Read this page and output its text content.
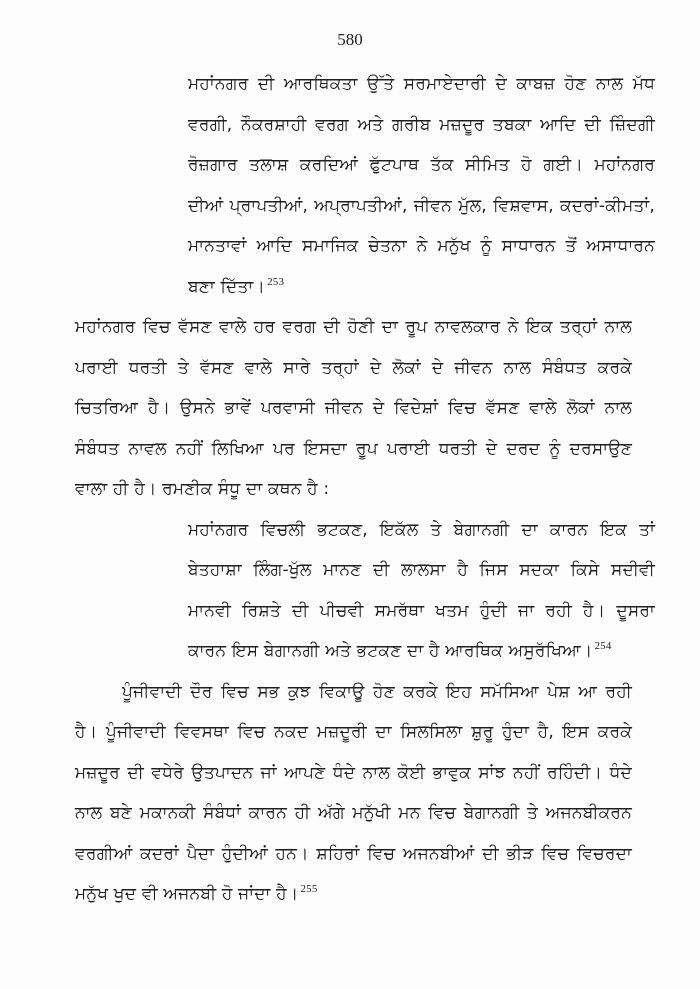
580
ਮਹਾਂਨਗਰ ਦੀ ਆਰਥਿਕਤਾ ਉੱਤੇ ਸਰਮਾਏਦਾਰੀ ਦੇ ਕਾਬਜ਼ ਹੋਣ ਨਾਲ ਮੱਧ
ਵਰਗੀ, ਨੌਕਰਸ਼ਾਹੀ ਵਰਗ ਅਤੇ ਗਰੀਬ ਮਜ਼ਦੂਰ ਤਬਕਾ ਆਦਿ ਦੀ ਜ਼ਿੰਦਗੀ
ਰੋਜ਼ਗਾਰ ਤਲਾਸ਼ ਕਰਦਿਆਂ ਫੁੱਟਪਾਥ ਤੱਕ ਸੀਮਿਤ ਹੋ ਗਈ। ਮਹਾਂਨਗਰ
ਦੀਆਂ ਪ੍ਰਾਪਤੀਆਂ, ਅਪ੍ਰਾਪਤੀਆਂ, ਜੀਵਨ ਮੁੱਲ, ਵਿਸ਼ਵਾਸ, ਕਦਰਾਂ-ਕੀਮਤਾਂ,
ਮਾਨਤਾਵਾਂ ਆਦਿ ਸਮਾਜਿਕ ਚੇਤਨਾ ਨੇ ਮਨੁੱਖ ਨੂੰ ਸਾਧਾਰਨ ਤੋਂ ਅਸਾਧਾਰਨ
ਬਣਾ ਦਿੱਤਾ। $^{253}$
ਮਹਾਂਨਗਰ ਵਿਚ ਵੱਸਣ ਵਾਲੇ ਹਰ ਵਰਗ ਦੀ ਹੋਣੀ ਦਾ ਰੂਪ ਨਾਵਲਕਾਰ ਨੇ ਇਕ ਤਰ੍ਹਾਂ ਨਾਲ
ਪਰਾਈ ਧਰਤੀ ਤੇ ਵੱਸਣ ਵਾਲੇ ਸਾਰੇ ਤਰ੍ਹਾਂ ਦੇ ਲੋਕਾਂ ਦੇ ਜੀਵਨ ਨਾਲ ਸੰਬੰਧਤ ਕਰਕੇ
ਚਿਤਰਿਆ ਹੈ। ਉਸਨੇ ਭਾਵੇਂ ਪਰਵਾਸੀ ਜੀਵਨ ਦੇ ਵਿਦੇਸ਼ਾਂ ਵਿਚ ਵੱਸਣ ਵਾਲੇ ਲੋਕਾਂ ਨਾਲ
ਸੰਬੰਧਤ ਨਾਵਲ ਨਹੀਂ ਲਿਖਿਆ ਪਰ ਇਸਦਾ ਰੂਪ ਪਰਾਈ ਧਰਤੀ ਦੇ ਦਰਦ ਨੂੰ ਦਰਸਾਉਣ
ਵਾਲਾ ਹੀ ਹੈ। ਰਮਣੀਕ ਸੰਧੂ ਦਾ ਕਥਨ ਹੈ :
ਮਹਾਂਨਗਰ ਵਿਚਲੀ ਭਟਕਣ, ਇਕੱਲ ਤੇ ਬੇਗਾਨਗੀ ਦਾ ਕਾਰਨ ਇਕ ਤਾਂ
ਬੇਤਹਾਸ਼ਾ ਲਿੰਗ-ਖੁੱਲ ਮਾਨਣ ਦੀ ਲਾਲਸਾ ਹੈ ਜਿਸ ਸਦਕਾ ਕਿਸੇ ਸਦੀਵੀ
ਮਾਨਵੀ ਰਿਸ਼ਤੇ ਦੀ ਪੀਚਵੀ ਸਮਰੱਥਾ ਖਤਮ ਹੁੰਦੀ ਜਾ ਰਹੀ ਹੈ। ਦੂਸਰਾ
ਕਾਰਨ ਇਸ ਬੇਗਾਨਗੀ ਅਤੇ ਭਟਕਣ ਦਾ ਹੈ ਆਰਥਿਕ ਅਸੁਰੱਖਿਆ। $^{254}$
ਪੂੰਜੀਵਾਦੀ ਦੌਰ ਵਿਚ ਸਭ ਕੁਝ ਵਿਕਾਊ ਹੋਣ ਕਰਕੇ ਇਹ ਸਮੱਸਿਆ ਪੇਸ਼ ਆ ਰਹੀ
ਹੈ। ਪੂੰਜੀਵਾਦੀ ਵਿਵਸਥਾ ਵਿਚ ਨਕਦ ਮਜ਼ਦੂਰੀ ਦਾ ਸਿਲਸਿਲਾ ਸ਼ੁਰੂ ਹੁੰਦਾ ਹੈ, ਇਸ ਕਰਕੇ
ਮਜ਼ਦੂਰ ਦੀ ਵਧੇਰੇ ਉਤਪਾਦਨ ਜਾਂ ਆਪਣੇ ਧੰਦੇ ਨਾਲ ਕੋਈ ਭਾਵੁਕ ਸਾਂਝ ਨਹੀਂ ਰਹਿੰਦੀ। ਧੰਦੇ
ਨਾਲ ਬਣੇ ਮਕਾਨਕੀ ਸੰਬੰਧਾਂ ਕਾਰਨ ਹੀ ਅੱਗੇ ਮਨੁੱਖੀ ਮਨ ਵਿਚ ਬੇਗਾਨਗੀ ਤੇ ਅਜਨਬੀਕਰਨ
ਵਰਗੀਆਂ ਕਦਰਾਂ ਪੈਦਾ ਹੁੰਦੀਆਂ ਹਨ। ਸ਼ਹਿਰਾਂ ਵਿਚ ਅਜਨਬੀਆਂ ਦੀ ਭੀੜ ਵਿਚ ਵਿਚਰਦਾ
ਮਨੁੱਖ ਖੁਦ ਵੀ ਅਜਨਬੀ ਹੋ ਜਾਂਦਾ ਹੈ। $^{255}$
